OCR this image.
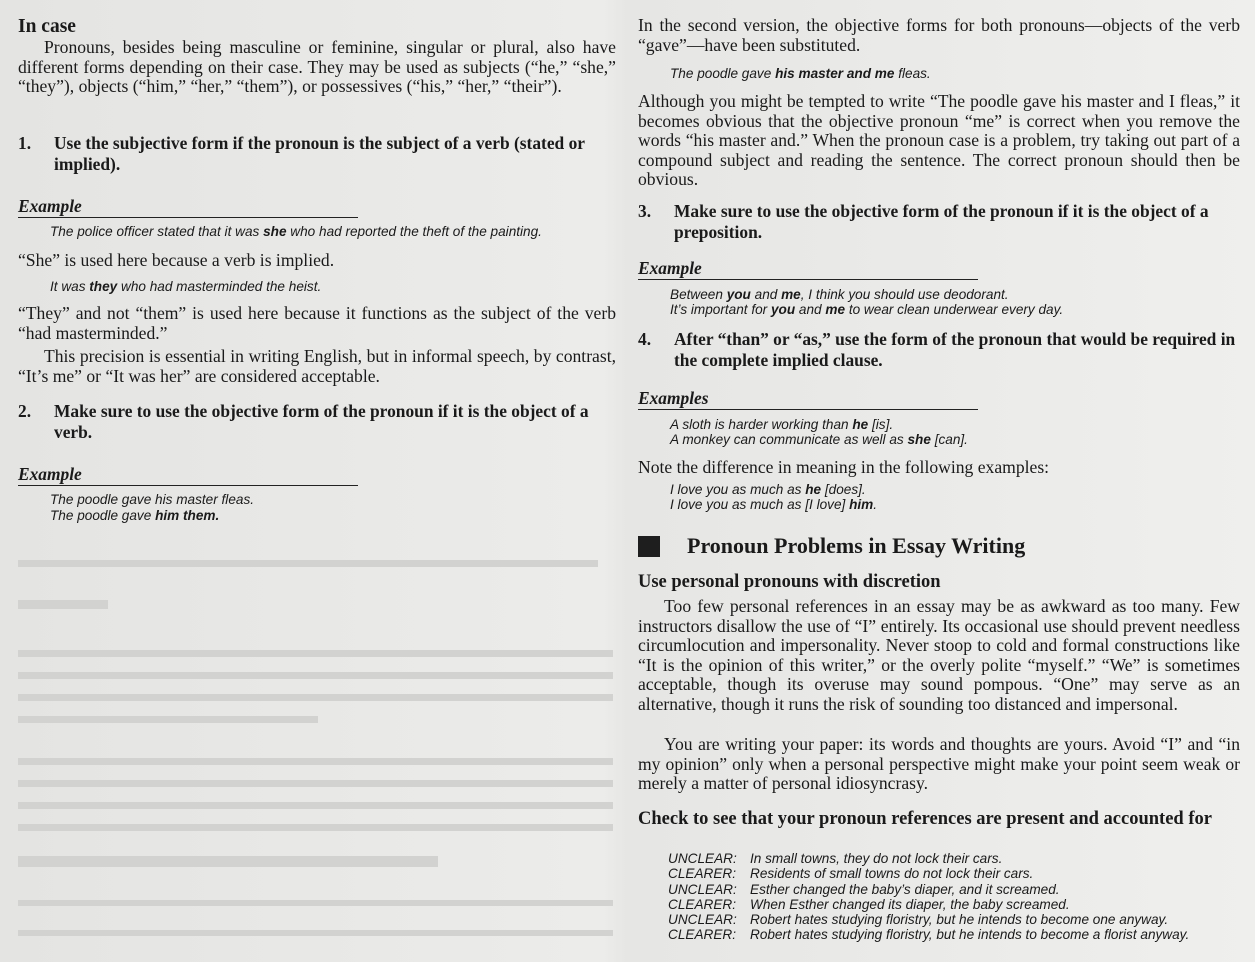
In case

Pronouns, besides being masculine or feminine, singular or plural, also have different forms depending on their case. They may be used as subjects (“he,” “she,” “they”), objects (“him,” “her,” “them”), or possessives (“his,” “her,” “their”).

1.	Use the subjective form if the pronoun is the subject of a verb (stated or implied).
Example

The police officer stated that it was she who had reported the theft of the painting.

“She” is used here because a verb is implied.

It was they who had masterminded the heist.

“They” and not “them” is used here because it functions as the subject of the verb “had masterminded.”

This precision is essential in writing English, but in informal speech, by contrast, “It’s me” or “It was her” are considered acceptable.

2.	Make sure to use the objective form of the pronoun if it is the object of a verb.
Example

The poodle gave his master fleas.

The poodle gave him them.

In the second version, the objective forms for both pronouns—objects of the verb “gave”—have been substituted.

The poodle gave his master and me fleas.

Although you might be tempted to write “The poodle gave his master and I fleas,” it becomes obvious that the objective pronoun “me” is correct when you remove the words “his master and.” When the pronoun case is a problem, try taking out part of a compound subject and reading the sentence. The correct pronoun should then be obvious.

3.	Make sure to use the objective form of the pronoun if it is the object of a preposition.
Example

Between you and me, I think you should use deodorant.

It’s important for you and me to wear clean underwear every day.

4.	After “than” or “as,” use the form of the pronoun that would be required in the complete implied clause.
Examples

A sloth is harder working than he [is].

A monkey can communicate as well as she [can].

Note the difference in meaning in the following examples:

I love you as much as he [does].

I love you as much as [I love] him.

Pronoun Problems in Essay Writing
Use personal pronouns with discretion

Too few personal references in an essay may be as awkward as too many. Few instructors disallow the use of “I” entirely. Its occasional use should prevent needless circumlocution and impersonality. Never stoop to cold and formal constructions like “It is the opinion of this writer,” or the overly polite “myself.” “We” is sometimes acceptable, though its overuse may sound pompous. “One” may serve as an alternative, though it runs the risk of sounding too distanced and impersonal.

You are writing your paper: its words and thoughts are yours. Avoid “I” and “in my opinion” only when a personal perspective might make your point seem weak or merely a matter of personal idiosyncrasy.

Check to see that your pronoun references are present and accounted for
UNCLEAR: In small towns, they do not lock their cars.
CLEARER:	Residents of small towns do not lock their cars.
UNCLEAR: Esther changed the baby’s diaper, and it screamed.
CLEARER:	When Esther changed its diaper, the baby screamed.
UNCLEAR: Robert hates studying floristry, but he intends to become one anyway.
CLEARER:	Robert hates studying floristry, but he intends to become a florist anyway.
